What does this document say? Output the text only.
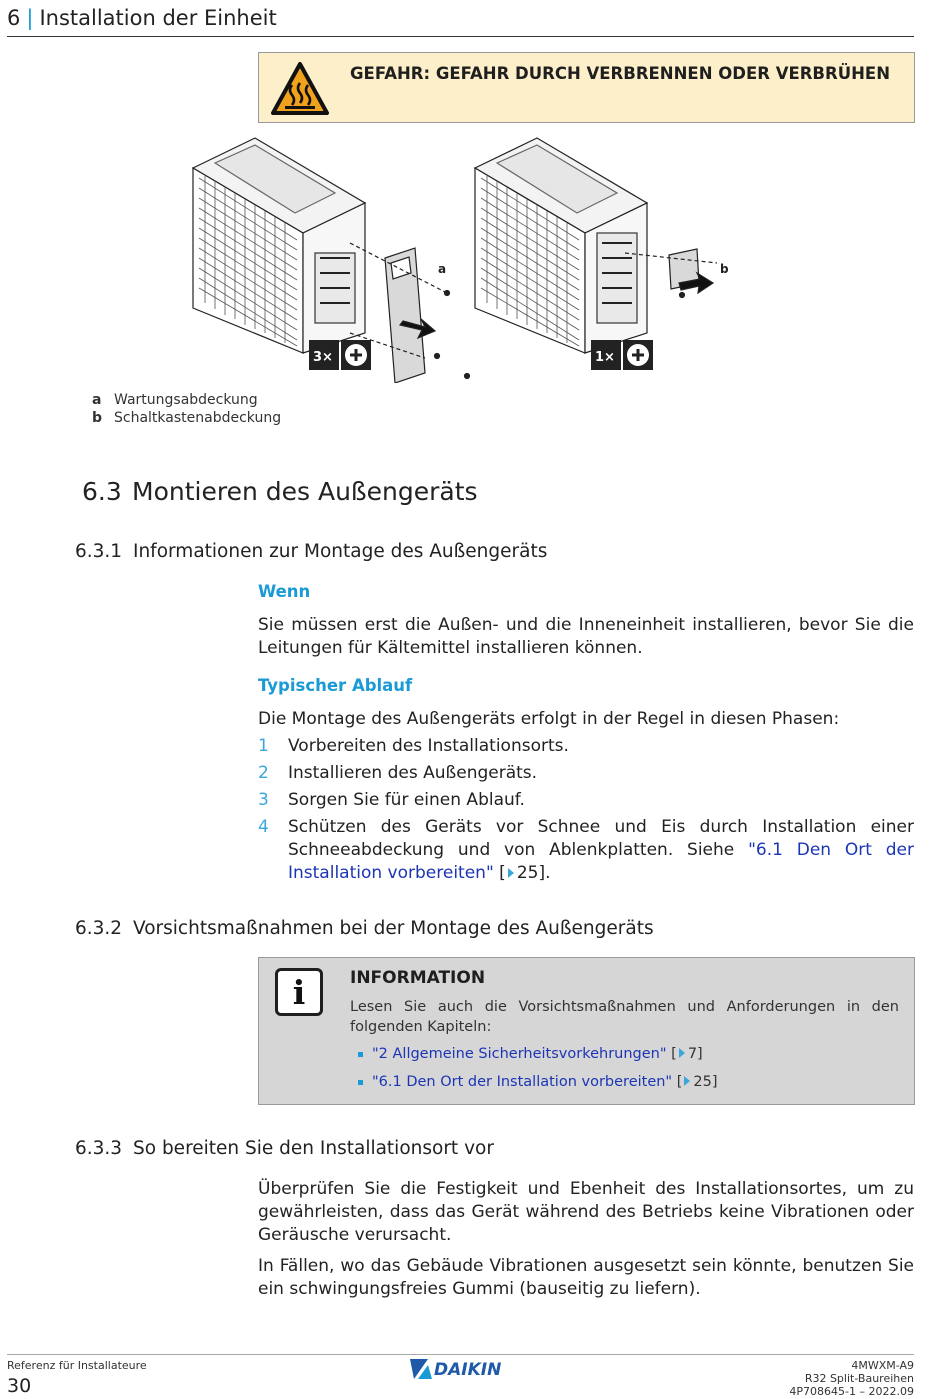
6 | Installation der Einheit
GEFAHR: GEFAHR DURCH VERBRENNEN ODER VERBRÜHEN
a
3×
b
1×
a Wartungsabdeckung
b Schaltkastenabdeckung
6.3 Montieren des Außengeräts
6.3.1 Informationen zur Montage des Außengeräts
Wenn
Sie müssen erst die Außen- und die Inneneinheit installieren, bevor Sie die Leitungen für Kältemittel installieren können.
Typischer Ablauf
Die Montage des Außengeräts erfolgt in der Regel in diesen Phasen:
1 Vorbereiten des Installationsorts.
2 Installieren des Außengeräts.
3 Sorgen Sie für einen Ablauf.
4 Schützen des Geräts vor Schnee und Eis durch Installation einer Schneeabdeckung und von Ablenkplatten. Siehe "6.1 Den Ort der Installation vorbereiten" [ 25].
6.3.2 Vorsichtsmaßnahmen bei der Montage des Außengeräts
i	INFORMATION
Lesen Sie auch die Vorsichtsmaßnahmen und Anforderungen in den folgenden Kapiteln:
"2 Allgemeine Sicherheitsvorkehrungen" [ 7]
"6.1 Den Ort der Installation vorbereiten" [ 25]
6.3.3 So bereiten Sie den Installationsort vor
Überprüfen Sie die Festigkeit und Ebenheit des Installationsortes, um zu gewährleisten, dass das Gerät während des Betriebs keine Vibrationen oder Geräusche verursacht.
In Fällen, wo das Gebäude Vibrationen ausgesetzt sein könnte, benutzen Sie ein schwingungsfreies Gummi (bauseitig zu liefern).
Referenz für Installateure
30
DAIKIN	4MWXM-A9
R32 Split-Baureihen
4P708645-1 – 2022.09
